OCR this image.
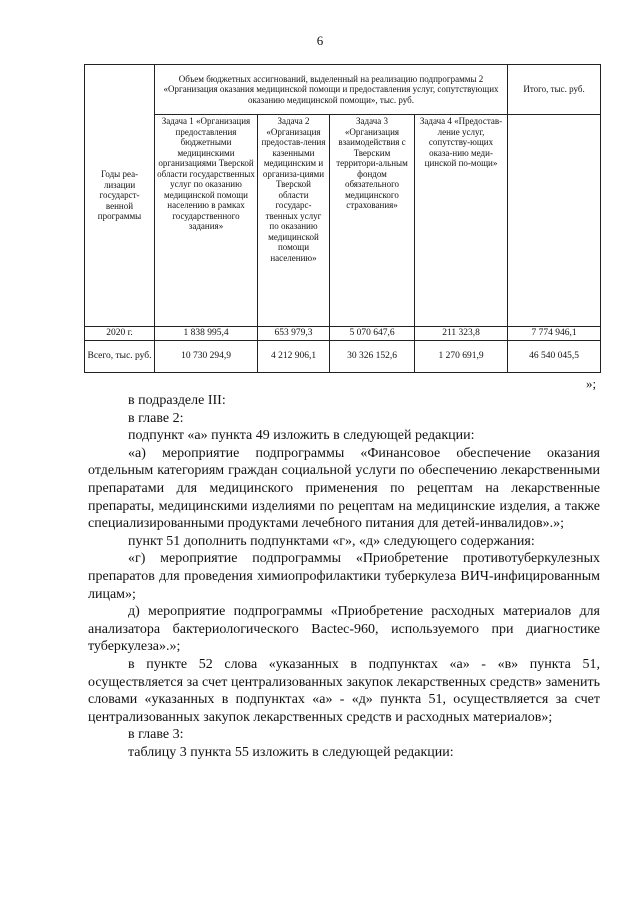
6
Годы реа-лизации государст-венной программы	Объем бюджетных ассигнований, выделенный на реализацию подпрограммы 2 «Организация оказания медицинской помощи и предоставления услуг, сопутствующих оказанию медицинской помощи», тыс. руб.				Итого, тыс. руб.
	Задача 1 «Организация предоставления бюджетными медицинскими организациями Тверской области государственных услуг по оказанию медицинской помощи населению в рамках государственного задания»	Задача 2 «Организация предостав-ления казенными медицинским и организа-циями Тверской области государс-твенных услуг по оказанию медицинской помощи населению»	Задача 3 «Организация взаимодействия с Тверским территори-альным фондом обязательного медицинского страхования»	Задача 4 «Предостав-ление услуг, сопутству-ющих оказа-нию меди-цинской по-мощи»	
2020 г.	1 838 995,4	653 979,3	5 070 647,6	211 323,8	7 774 946,1
Всего, тыс. руб.	10 730 294,9	4 212 906,1	30 326 152,6	1 270 691,9	46 540 045,5
»;

в подразделе III:

в главе 2:

подпункт «а» пункта 49 изложить в следующей редакции:

«а) мероприятие подпрограммы «Финансовое обеспечение оказания отдельным категориям граждан социальной услуги по обеспечению лекарственными препаратами для медицинского применения по рецептам на лекарственные препараты, медицинскими изделиями по рецептам на медицинские изделия, а также специализированными продуктами лечебного питания для детей-инвалидов».»;

пункт 51 дополнить подпунктами «г», «д» следующего содержания:

«г) мероприятие подпрограммы «Приобретение противотуберкулезных препаратов для проведения химиопрофилактики туберкулеза ВИЧ-инфицированным лицам»;

д) мероприятие подпрограммы «Приобретение расходных материалов для анализатора бактериологического Bactec-960, используемого при диагностике туберкулеза».»;

в пункте 52 слова «указанных в подпунктах «а» - «в» пункта 51, осуществляется за счет централизованных закупок лекарственных средств» заменить словами «указанных в подпунктах «а» - «д» пункта 51, осуществляется за счет централизованных закупок лекарственных средств и расходных материалов»;

в главе 3:

таблицу 3 пункта 55 изложить в следующей редакции:
